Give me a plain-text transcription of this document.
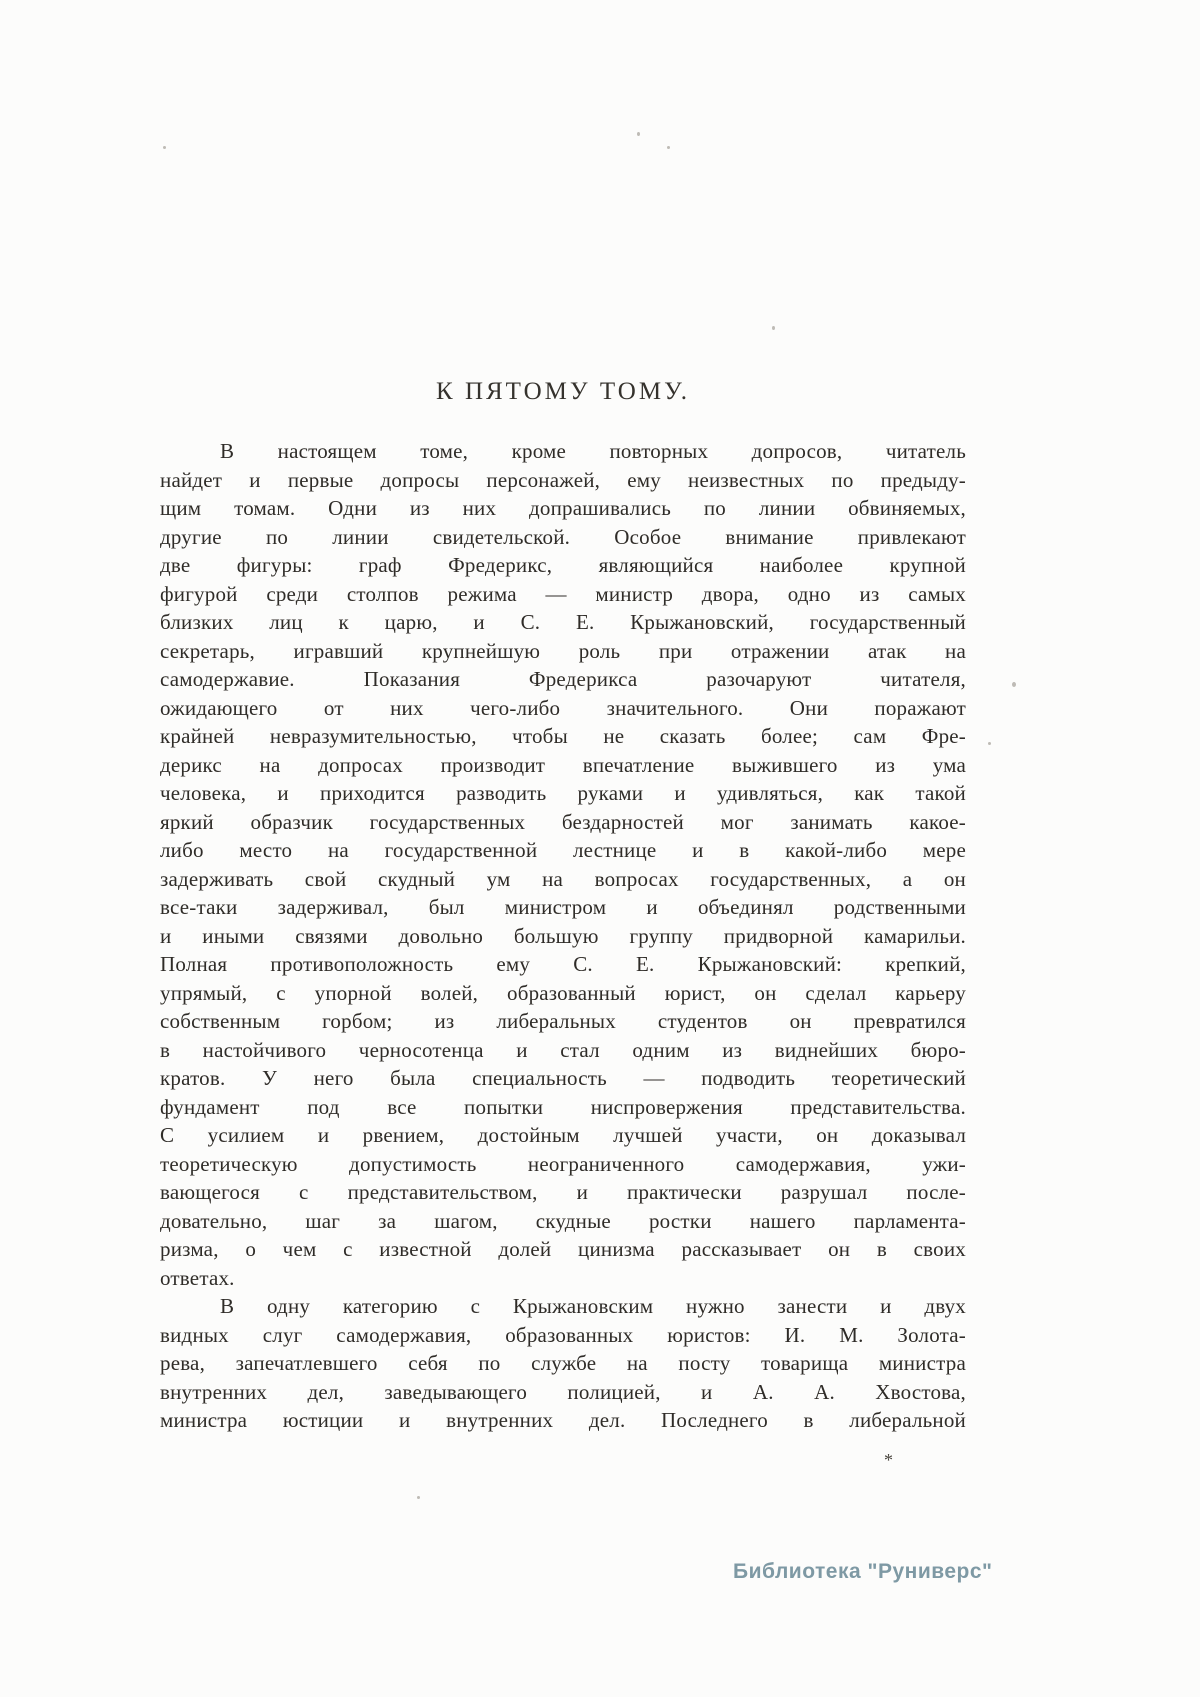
К ПЯТОМУ ТОМУ.
В настоящем томе, кроме повторных допросов, читатель
найдет и первые допросы персонажей, ему неизвестных по предыду-
щим томам. Одни из них допрашивались по линии обвиняемых,
другие по линии свидетельской. Особое внимание привлекают
две фигуры: граф Фредерикс, являющийся наиболее крупной
фигурой среди столпов режима — министр двора, одно из самых
близких лиц к царю, и С. Е. Крыжановский, государственный
секретарь, игравший крупнейшую роль при отражении атак на
самодержавие. Показания Фредерикса разочаруют читателя,
ожидающего от них чего-либо значительного. Они поражают
крайней невразумительностью, чтобы не сказать более; сам Фре-
дерикс на допросах производит впечатление выжившего из ума
человека, и приходится разводить руками и удивляться, как такой
яркий образчик государственных бездарностей мог занимать какое-
либо место на государственной лестнице и в какой-либо мере
задерживать свой скудный ум на вопросах государственных, а он
все-таки задерживал, был министром и объединял родственными
и иными связями довольно большую группу придворной камарильи.
Полная противоположность ему С. Е. Крыжановский: крепкий,
упрямый, с упорной волей, образованный юрист, он сделал карьеру
собственным горбом; из либеральных студентов он превратился
в настойчивого черносотенца и стал одним из виднейших бюро-
кратов. У него была специальность — подводить теоретический
фундамент под все попытки ниспровержения представительства.
С усилием и рвением, достойным лучшей участи, он доказывал
теоретическую допустимость неограниченного самодержавия, ужи-
вающегося с представительством, и практически разрушал после-
довательно, шаг за шагом, скудные ростки нашего парламента-
ризма, о чем с известной долей цинизма рассказывает он в своих
ответах.
В одну категорию с Крыжановским нужно занести и двух
видных слуг самодержавия, образованных юристов: И. М. Золота-
рева, запечатлевшего себя по службе на посту товарища министра
внутренних дел, заведывающего полицией, и А. А. Хвостова,
министра юстиции и внутренних дел. Последнего в либеральной
*
Библиотека "Руниверс"
